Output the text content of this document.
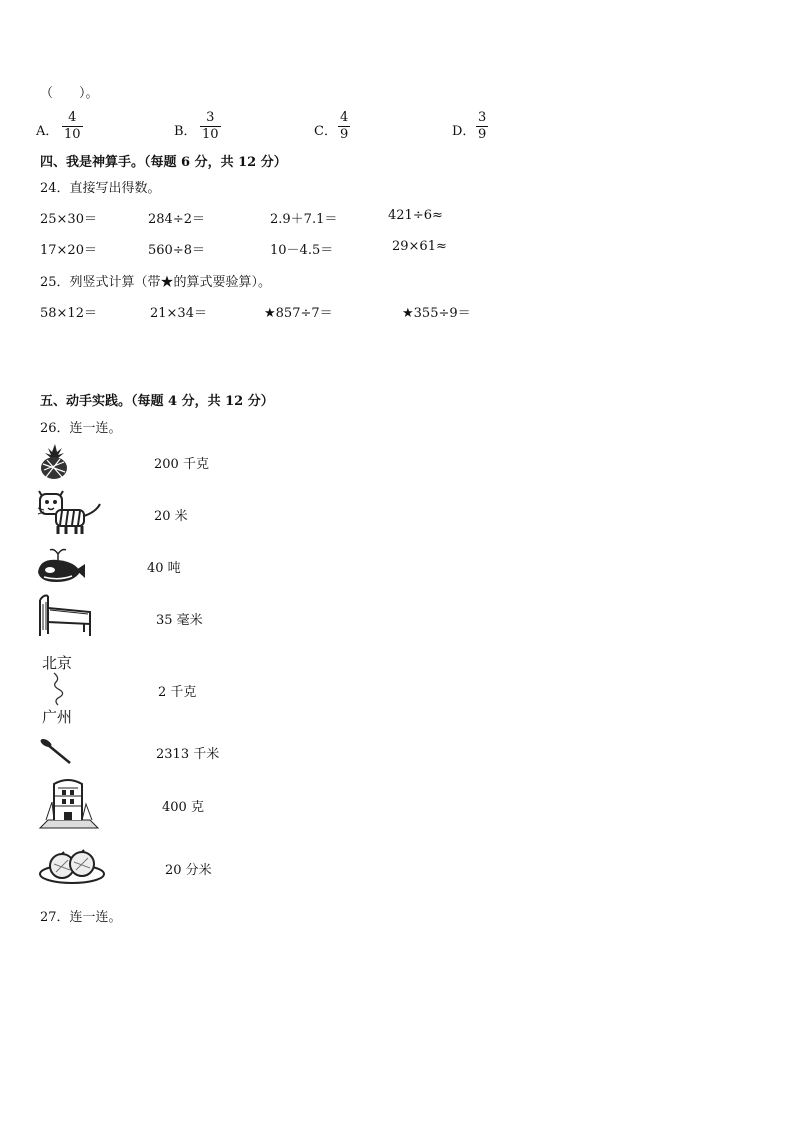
（　　）。
A． $\frac{4}{10}$	B． $\frac{3}{10}$	C． $\frac{4}{9}$	D． $\frac{3}{9}$
四、我是神算手。（每题 6 分，共 12 分）
24．直接写出得数。
25×30＝	284÷2＝	2.9＋7.1＝	421÷6≈
17×20＝	560÷8＝	10－4.5＝	29×61≈
25．列竖式计算（带★的算式要验算）。
58×12＝	21×34＝	★857÷7＝	★355÷9＝
五、动手实践。（每题 4 分，共 12 分）
26．连一连。
北京
广州
200 千克
20 米
40 吨
35 毫米
2 千克
2313 千米
400 克
20 分米
27．连一连。
